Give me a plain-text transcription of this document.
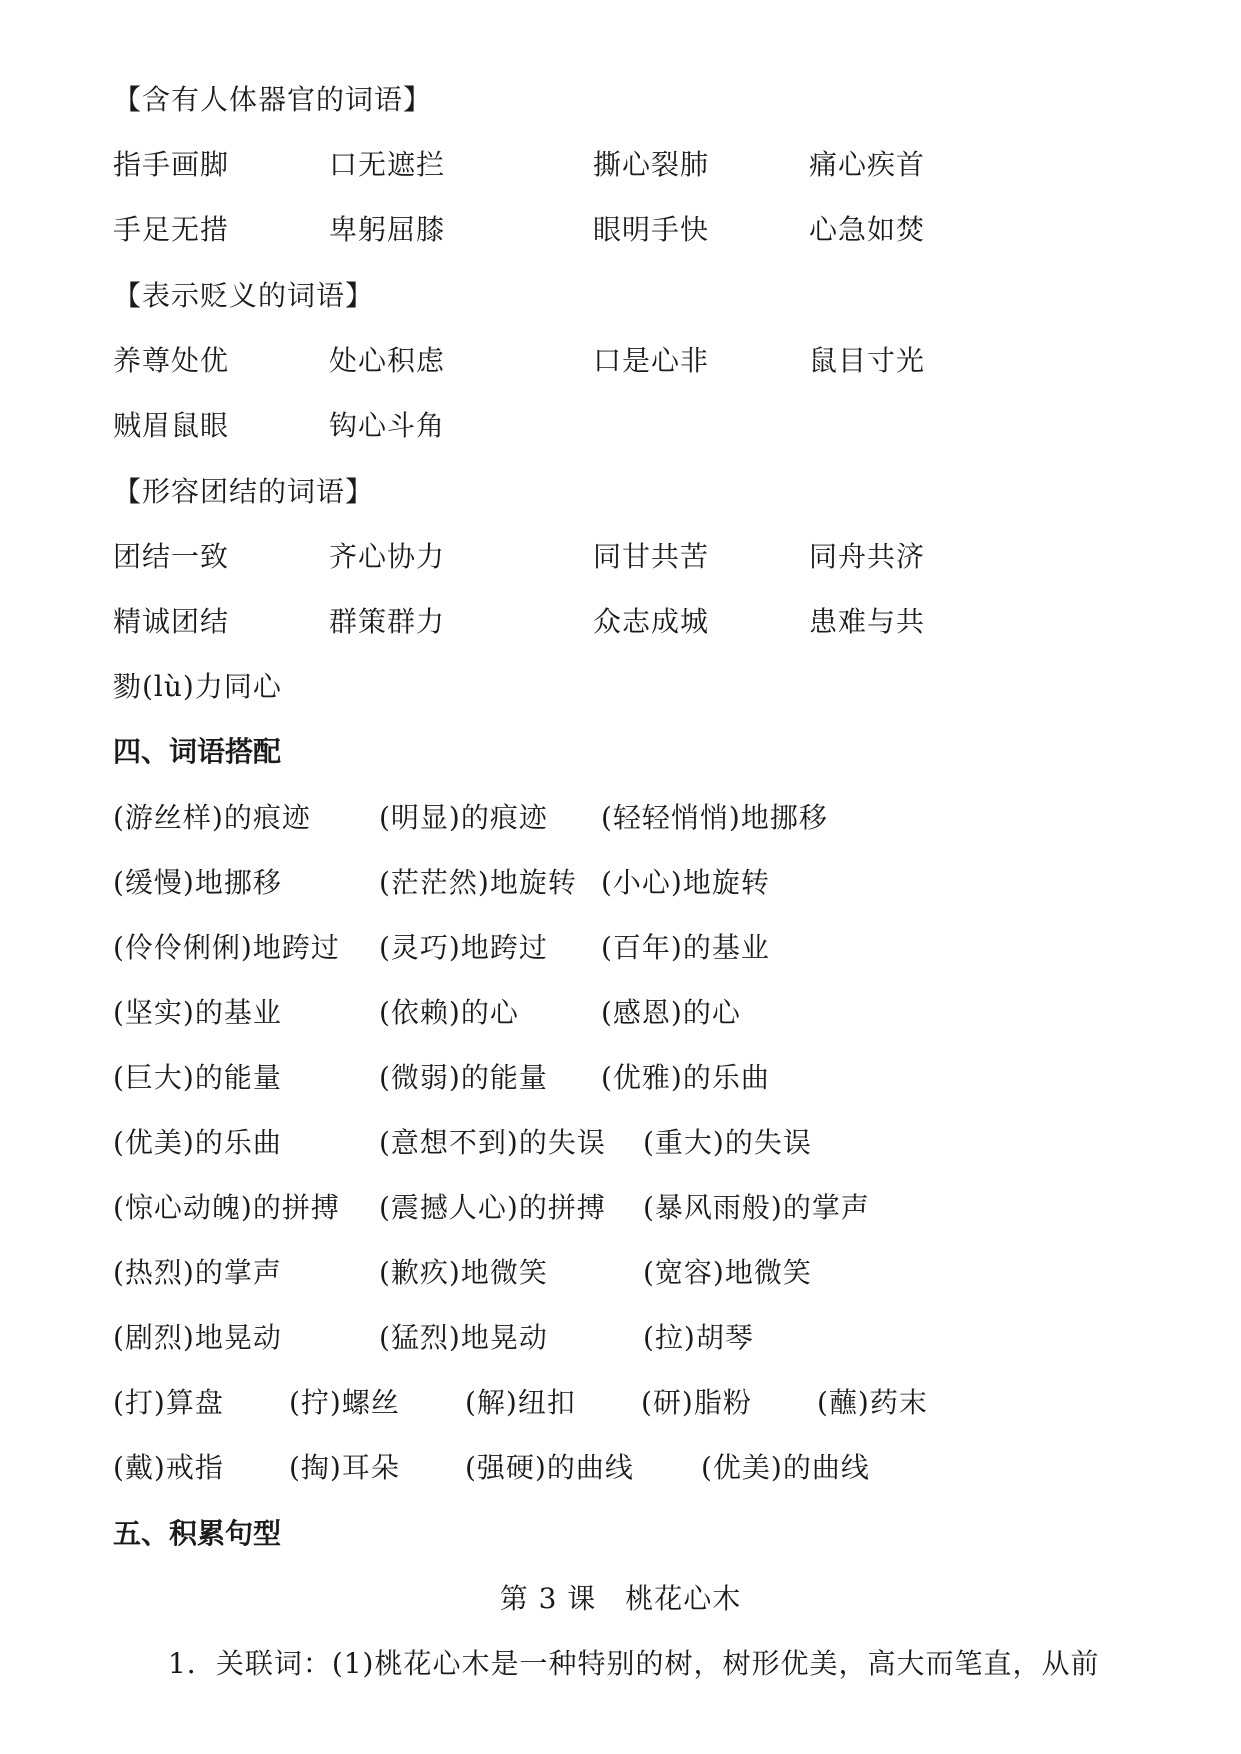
【含有人体器官的词语】
指手画脚	口无遮拦	撕心裂肺	痛心疾首
手足无措	卑躬屈膝	眼明手快	心急如焚
【表示贬义的词语】
养尊处优	处心积虑	口是心非	鼠目寸光
贼眉鼠眼	钩心斗角
【形容团结的词语】
团结一致	齐心协力	同甘共苦	同舟共济
精诚团结	群策群力	众志成城	患难与共
勠(lù)力同心
四、词语搭配
(游丝样)的痕迹 (明显)的痕迹 (轻轻悄悄)地挪移
(缓慢)地挪移	(茫茫然)地旋转 (小心)地旋转
(伶伶俐俐)地跨过 (灵巧)地跨过 (百年)的基业
(坚实)的基业	(依赖)的心	(感恩)的心
(巨大)的能量	(微弱)的能量 (优雅)的乐曲
(优美)的乐曲	(意想不到)的失误 (重大)的失误
(惊心动魄)的拼搏 (震撼人心)的拼搏 (暴风雨般)的掌声
(热烈)的掌声	(歉疚)地微笑	(宽容)地微笑
(剧烈)地晃动	(猛烈)地晃动	(拉)胡琴
(打)算盘 (拧)螺丝 (解)纽扣 (研)脂粉 (蘸)药末
(戴)戒指 (掏)耳朵 (强硬)的曲线 (优美)的曲线
五、积累句型
第 3 课　桃花心木
1．关联词：(1)桃花心木是一种特别的树，树形优美，高大而笔直，从前
